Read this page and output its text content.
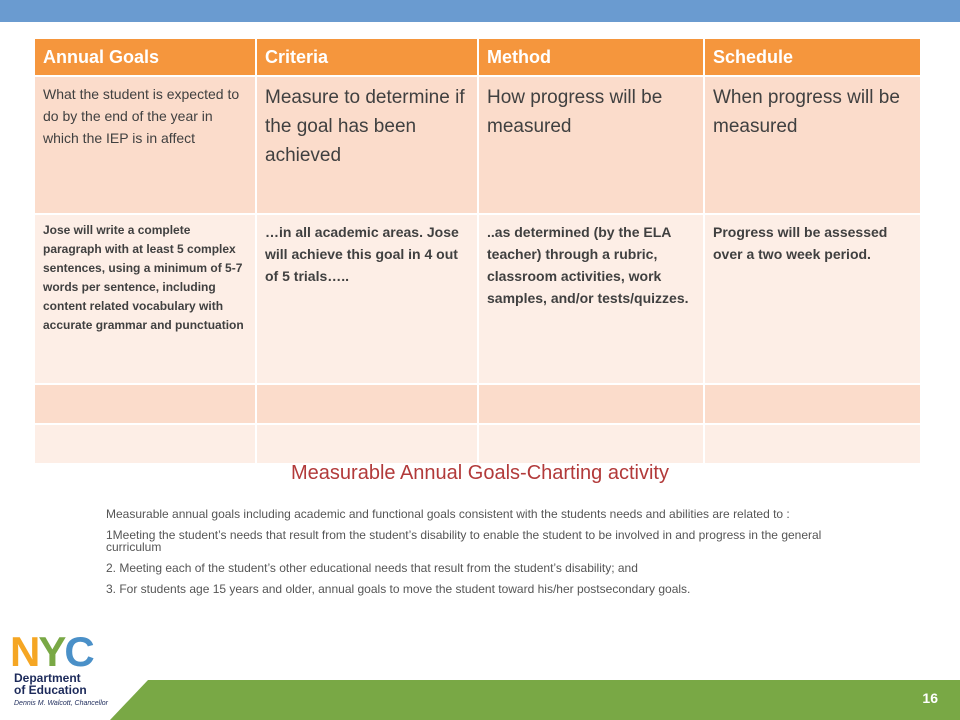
Annual Goals	Criteria	Method	Schedule
What the student is expected to do by the end of the year in which the IEP is in affect	Measure to determine if the goal has been achieved	How progress will be measured	When progress will be measured
Jose will write a complete paragraph with at least 5 complex sentences, using a minimum of 5-7 words per sentence, including content related vocabulary with accurate grammar and punctuation	…in all academic areas. Jose will achieve this goal in 4 out of 5 trials…..	..as determined (by the ELA teacher) through a rubric, classroom activities, work samples, and/or tests/quizzes.	Progress will be assessed over a two week period.

Measurable Annual Goals-Charting activity

Measurable annual goals including academic and functional goals consistent with the students needs and abilities are related to :

1Meeting the student’s needs that result from the student’s disability to enable the student to be involved in and progress in the general curriculum

2. Meeting each of the student’s other educational needs that result from the student’s disability; and

3. For students age 15 years and older, annual goals to move the student toward his/her postsecondary goals.

NYC
Department of Education
Dennis M. Walcott, Chancellor	16
